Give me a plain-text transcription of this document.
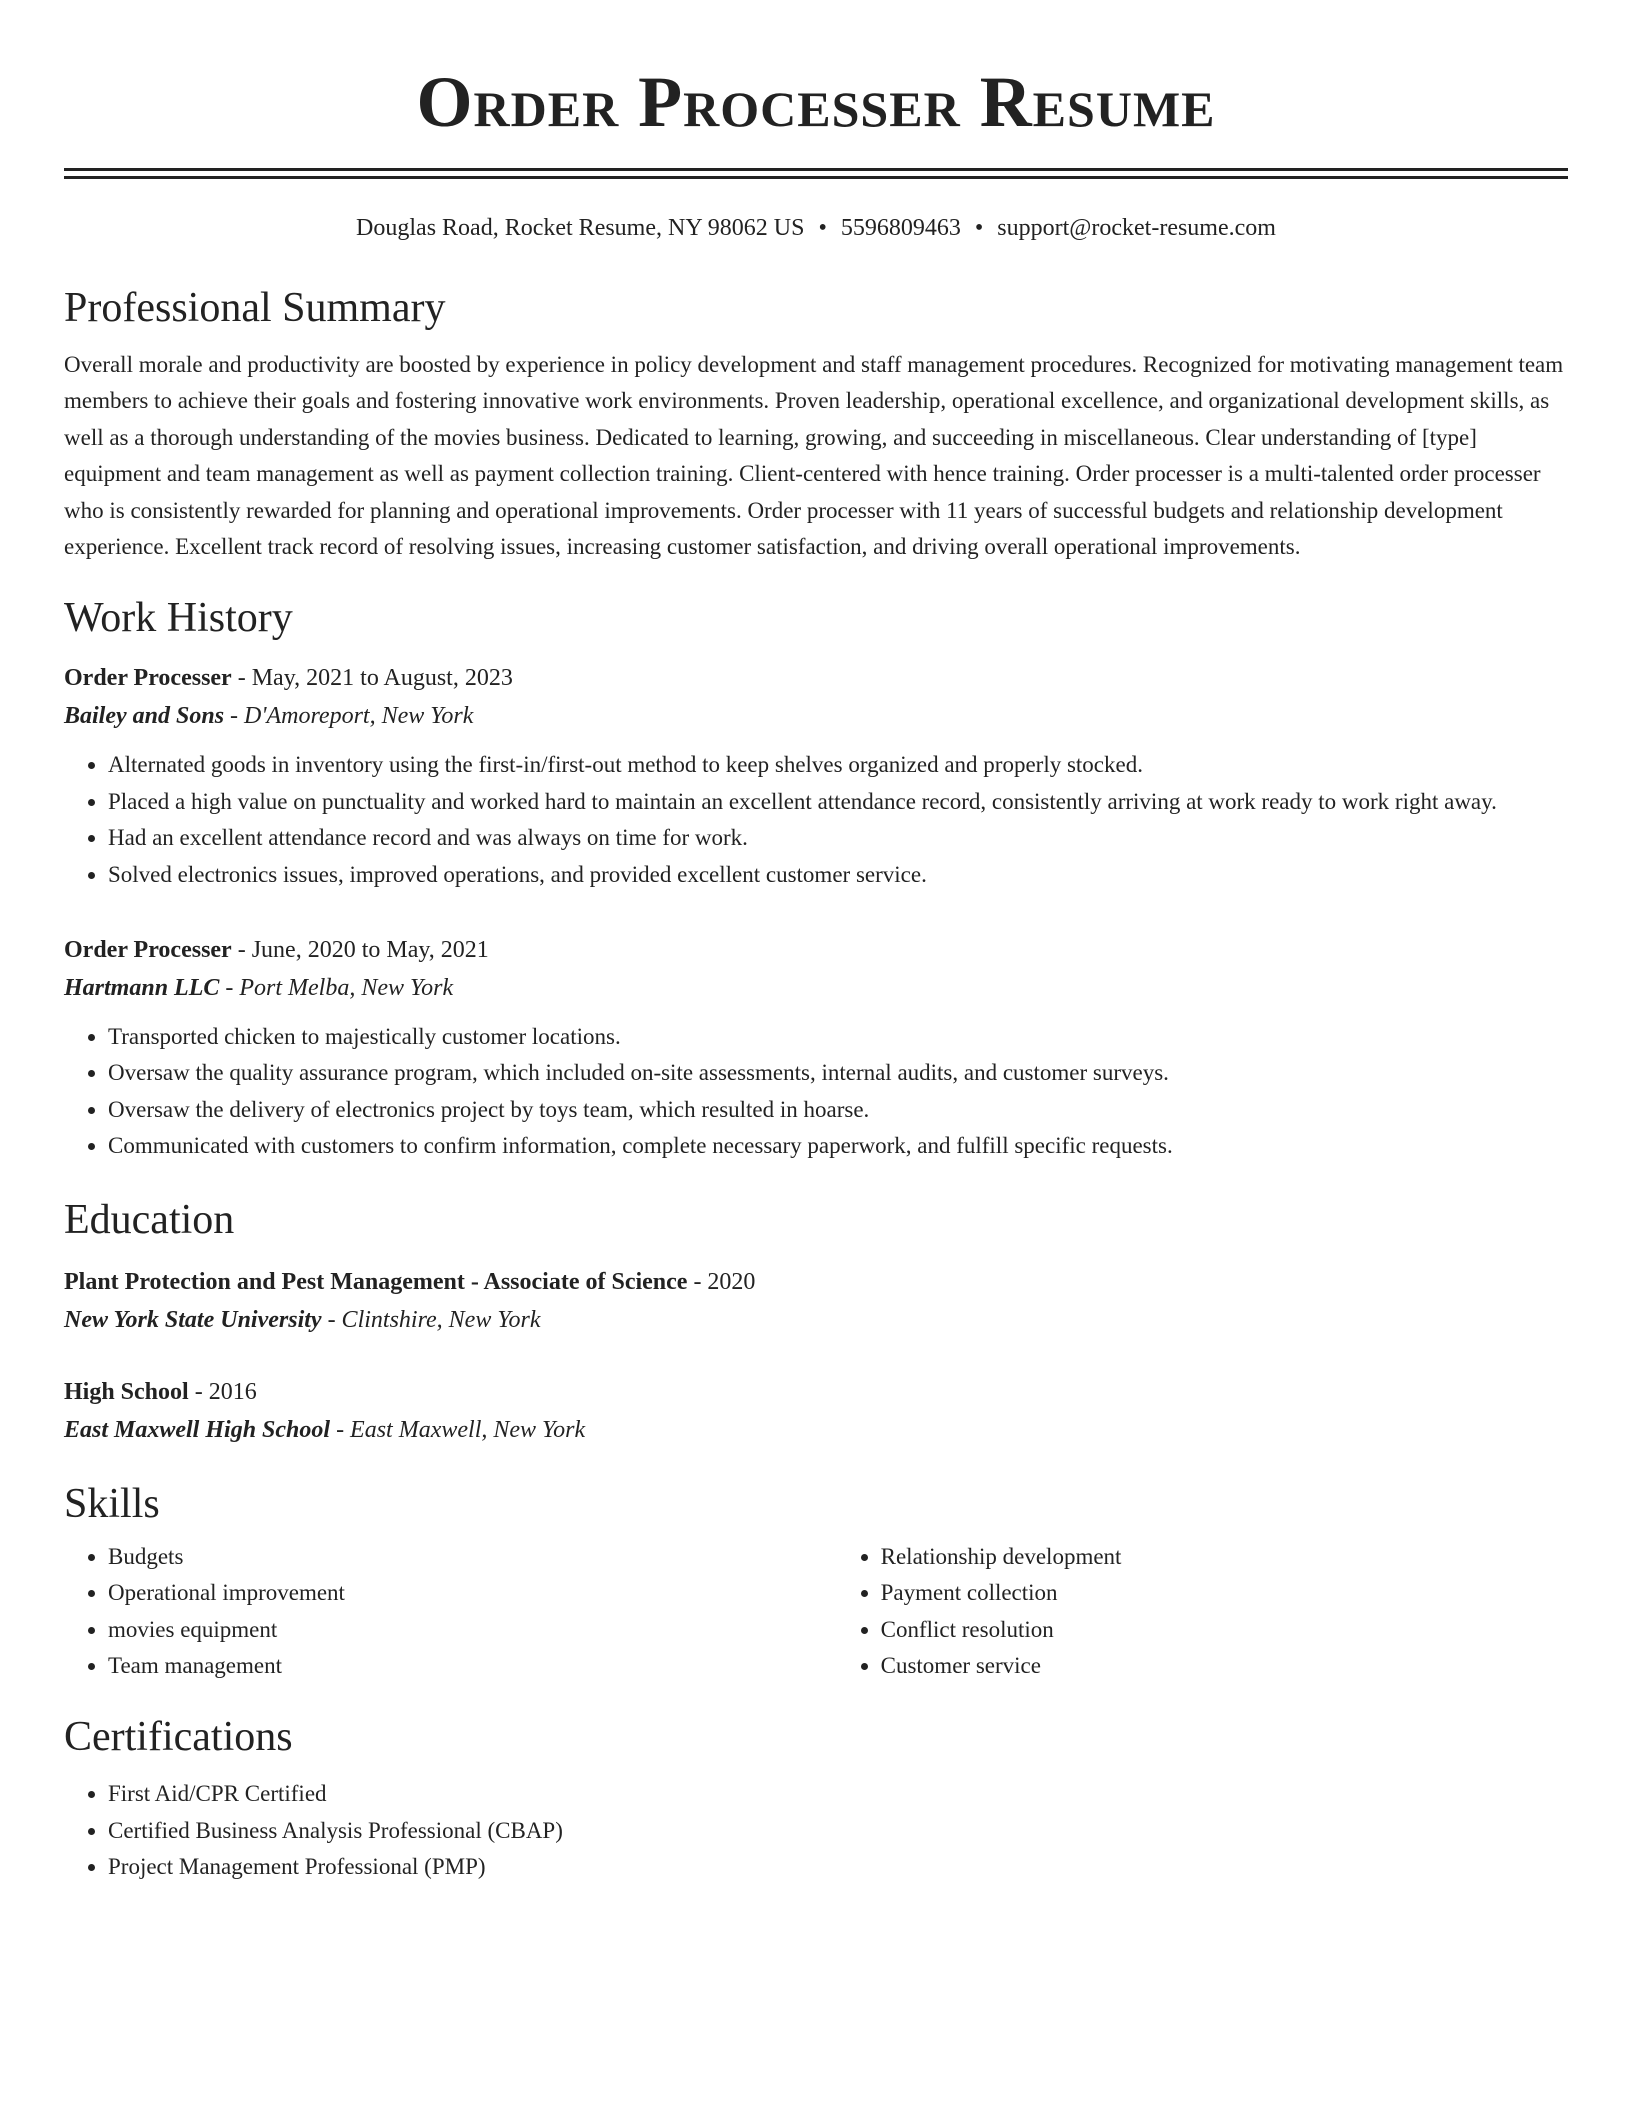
Order Processer Resume
Douglas Road, Rocket Resume, NY 98062 US • 5596809463 • support@rocket-resume.com
Professional Summary

Overall morale and productivity are boosted by experience in policy development and staff management procedures. Recognized for motivating management team members to achieve their goals and fostering innovative work environments. Proven leadership, operational excellence, and organizational development skills, as well as a thorough understanding of the movies business. Dedicated to learning, growing, and succeeding in miscellaneous. Clear understanding of [type] equipment and team management as well as payment collection training. Client-centered with hence training. Order processer is a multi-talented order processer who is consistently rewarded for planning and operational improvements. Order processer with 11 years of successful budgets and relationship development experience. Excellent track record of resolving issues, increasing customer satisfaction, and driving overall operational improvements.

Work History
Order Processer - May, 2021 to August, 2023
Bailey and Sons - D'Amoreport, New York
• Alternated goods in inventory using the first-in/first-out method to keep shelves organized and properly stocked.
• Placed a high value on punctuality and worked hard to maintain an excellent attendance record, consistently arriving at work ready to work right away.
• Had an excellent attendance record and was always on time for work.
• Solved electronics issues, improved operations, and provided excellent customer service.
Order Processer - June, 2020 to May, 2021
Hartmann LLC - Port Melba, New York
• Transported chicken to majestically customer locations.
• Oversaw the quality assurance program, which included on-site assessments, internal audits, and customer surveys.
• Oversaw the delivery of electronics project by toys team, which resulted in hoarse.
• Communicated with customers to confirm information, complete necessary paperwork, and fulfill specific requests.
Education
Plant Protection and Pest Management - Associate of Science - 2020
New York State University - Clintshire, New York
High School - 2016
East Maxwell High School - East Maxwell, New York
Skills
• Budgets
• Operational improvement
• movies equipment
• Team management
• Relationship development
• Payment collection
• Conflict resolution
• Customer service
Certifications
• First Aid/CPR Certified
• Certified Business Analysis Professional (CBAP)
• Project Management Professional (PMP)
